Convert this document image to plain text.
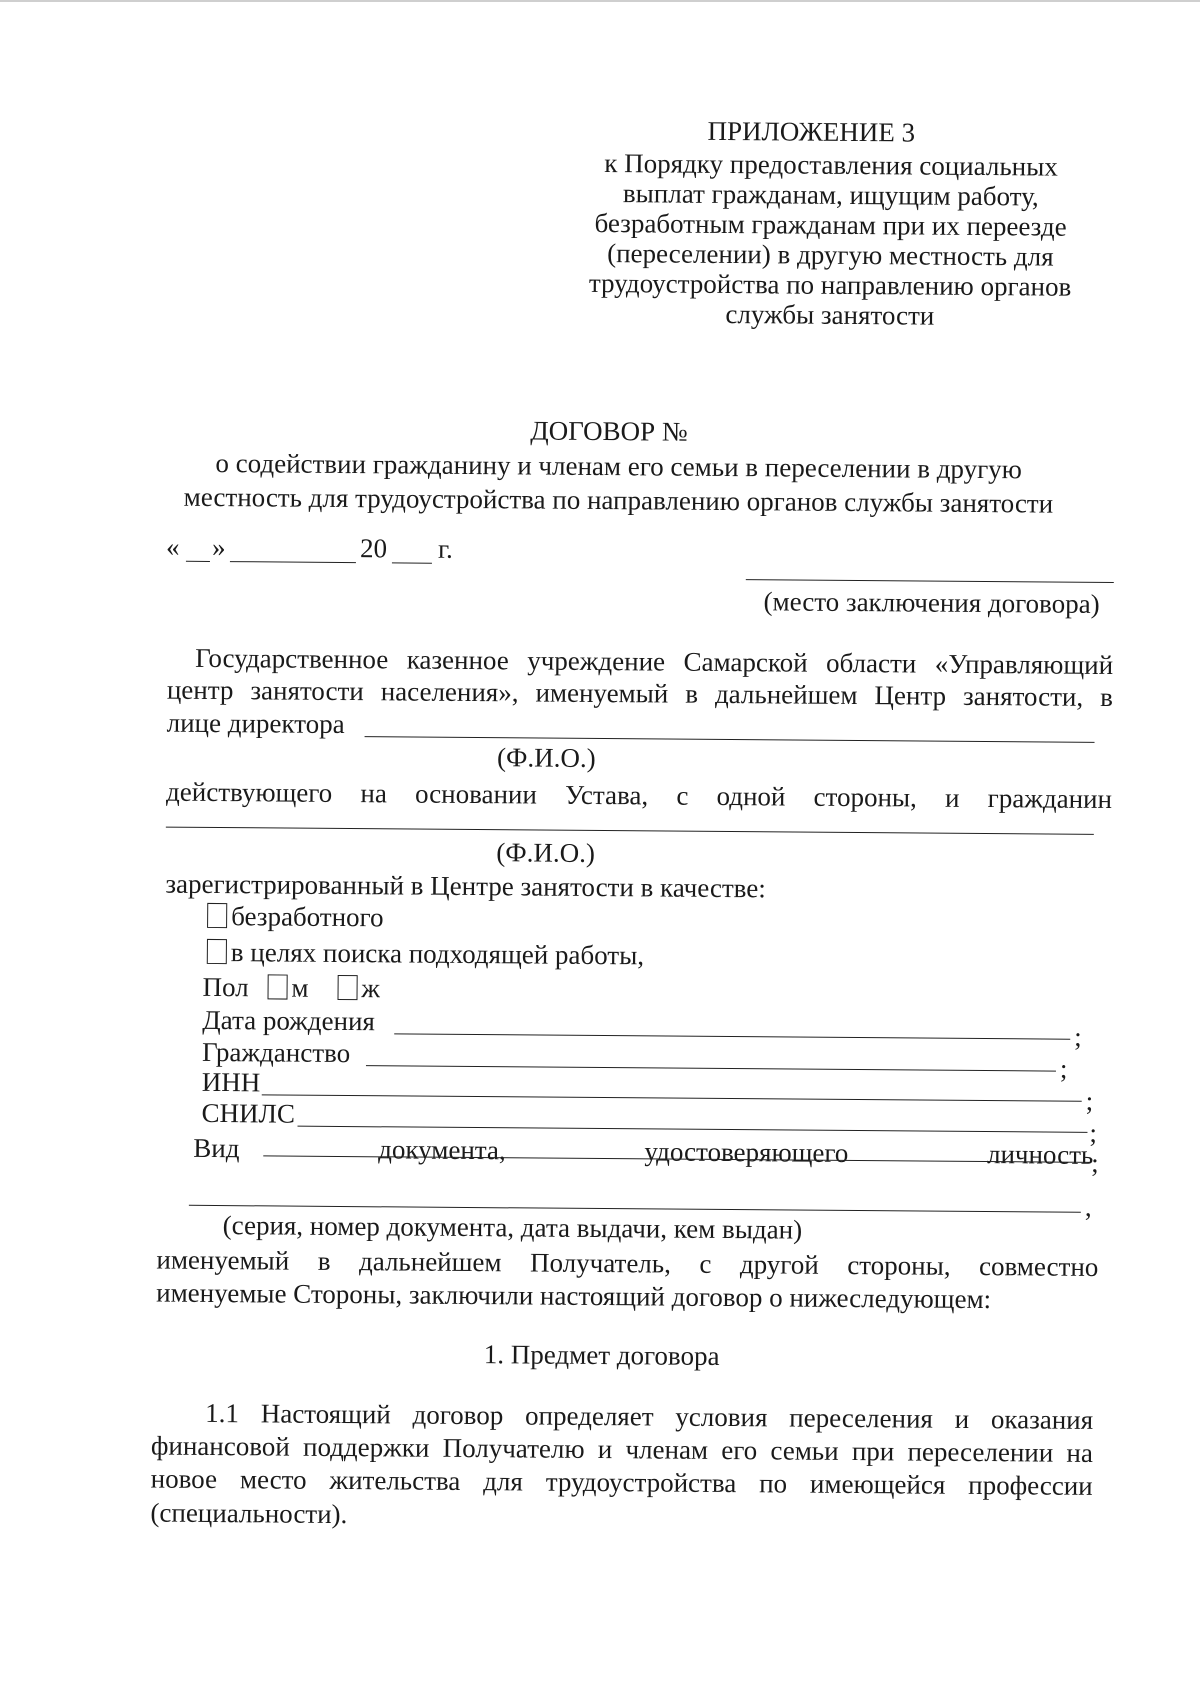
ПРИЛОЖЕНИЕ 3
к Порядку предоставления социальных
выплат гражданам, ищущим работу,
безработным гражданам при их переезде
(переселении) в другую местность для
трудоустройства по направлению органов
службы занятости
ДОГОВОР №
о содействии гражданину и членам его семьи в переселении в другую
местность для трудоустройства по направлению органов службы занятости
« »	20 г.
(место заключения договора)
Государственное казенное учреждение Самарской области «Управляющий
центр занятости населения», именуемый в дальнейшем Центр занятости, в
лице директора
(Ф.И.О.)
действующего на основании Устава, с одной стороны, и гражданин
(Ф.И.О.)
зарегистрированный в Центре занятости в качестве:
безработного
в целях поиска подходящей работы,
Пол м ж
Дата рождения
;
Гражданство
;
ИНН
;
СНИЛС
;
Вид	документа,	удостоверяющего	личность
;
,
(серия, номер документа, дата выдачи, кем выдан)
именуемый в дальнейшем Получатель, с другой стороны, совместно
именуемые Стороны, заключили настоящий договор о нижеследующем:
1. Предмет договора
1.1 Настоящий договор определяет условия переселения и оказания
финансовой поддержки Получателю и членам его семьи при переселении на
новое место жительства для трудоустройства по имеющейся профессии
(специальности).
